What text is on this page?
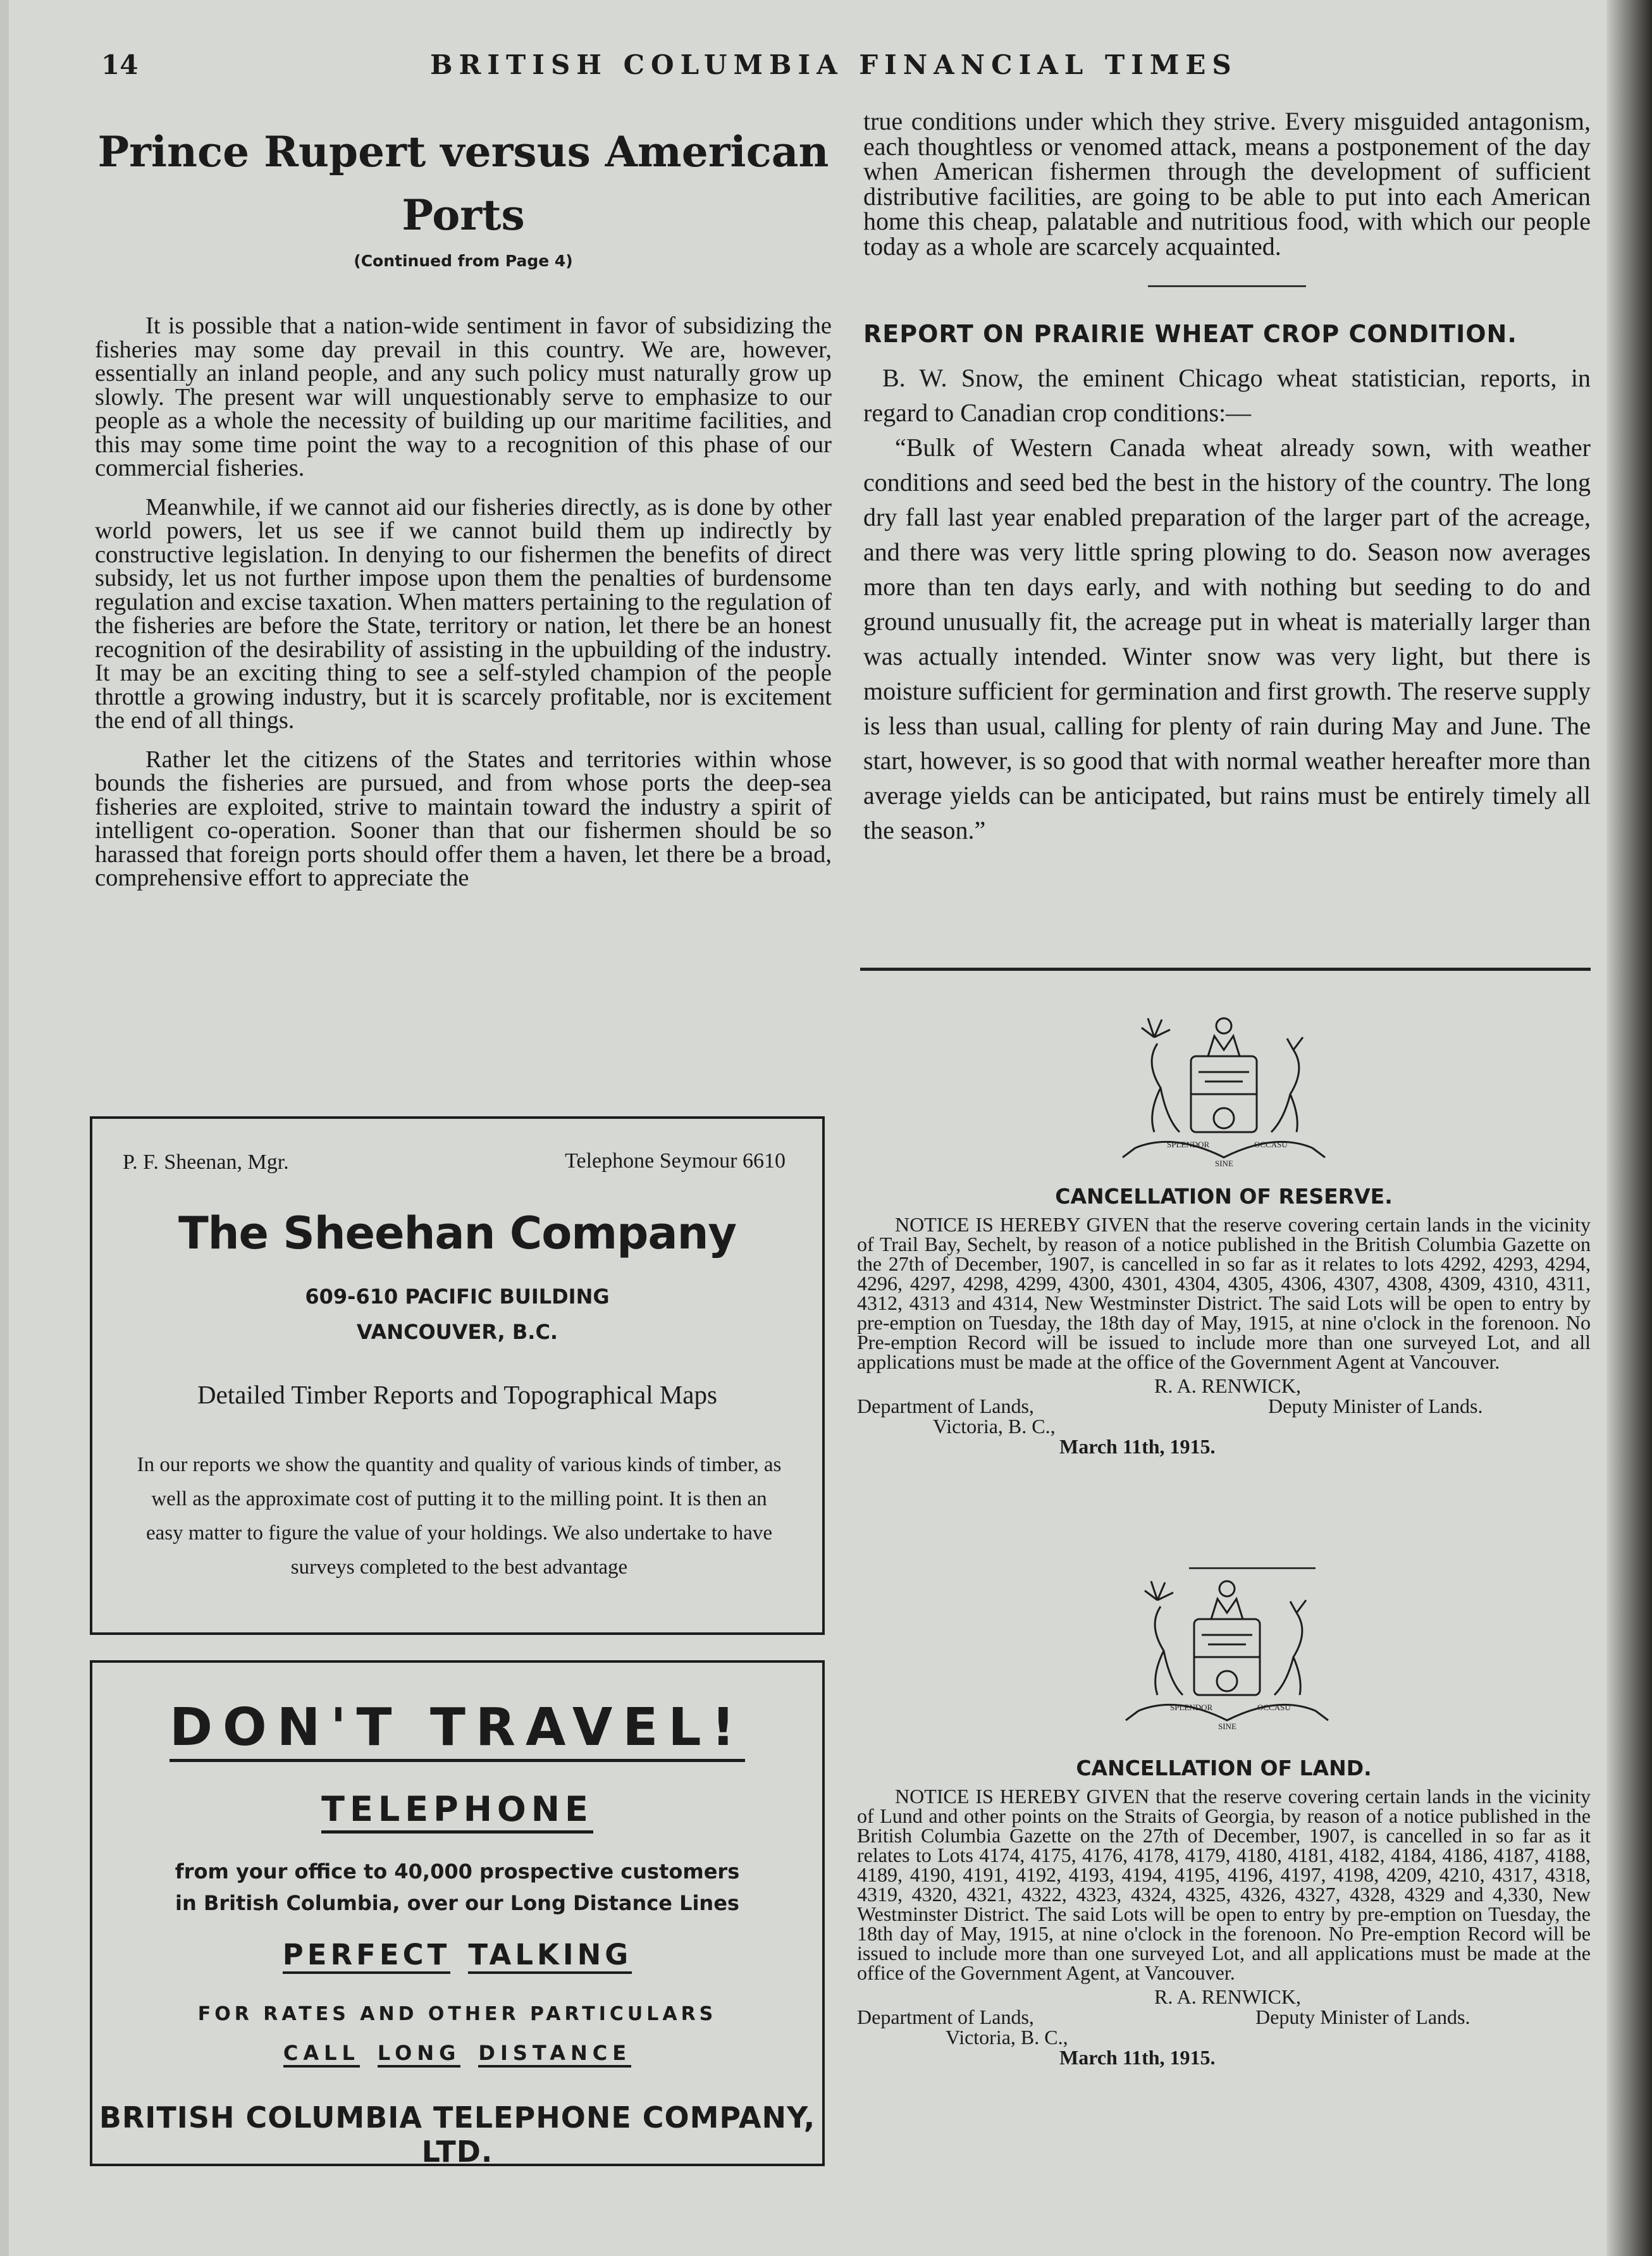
14	BRITISH COLUMBIA FINANCIAL TIMES
Prince Rupert versus American
Ports
(Continued from Page 4)

It is possible that a nation-wide sentiment in favor of subsidizing the fisheries may some day prevail in this country. We are, however, essentially an inland people, and any such policy must naturally grow up slowly. The present war will unquestionably serve to emphasize to our people as a whole the necessity of building up our maritime facilities, and this may some time point the way to a recognition of this phase of our commercial fisheries.

Meanwhile, if we cannot aid our fisheries directly, as is done by other world powers, let us see if we cannot build them up indirectly by constructive legislation. In denying to our fishermen the benefits of direct subsidy, let us not further impose upon them the penalties of burdensome regulation and excise taxation. When matters pertaining to the regulation of the fisheries are before the State, territory or nation, let there be an honest recognition of the desirability of assisting in the upbuilding of the industry. It may be an exciting thing to see a self-styled champion of the people throttle a growing industry, but it is scarcely profitable, nor is excitement the end of all things.

Rather let the citizens of the States and territories within whose bounds the fisheries are pursued, and from whose ports the deep-sea fisheries are exploited, strive to maintain toward the industry a spirit of intelligent co-operation. Sooner than that our fishermen should be so harassed that foreign ports should offer them a haven, let there be a broad, comprehensive effort to appreciate the

true conditions under which they strive. Every misguided antagonism, each thoughtless or venomed attack, means a postponement of the day when American fishermen through the development of sufficient distributive facilities, are going to be able to put into each American home this cheap, palatable and nutritious food, with which our people today as a whole are scarcely acquainted.

REPORT ON PRAIRIE WHEAT CROP CONDITION.

B. W. Snow, the eminent Chicago wheat statistician, reports, in regard to Canadian crop conditions:—

“Bulk of Western Canada wheat already sown, with weather conditions and seed bed the best in the history of the country. The long dry fall last year enabled preparation of the larger part of the acreage, and there was very little spring plowing to do. Season now averages more than ten days early, and with nothing but seeding to do and ground unusually fit, the acreage put in wheat is materially larger than was actually intended. Winter snow was very light, but there is moisture sufficient for germination and first growth. The reserve supply is less than usual, calling for plenty of rain during May and June. The start, however, is so good that with normal weather hereafter more than average yields can be anticipated, but rains must be entirely timely all the season.”

P. F. Sheenan, Mgr.	Telephone Seymour 6610
The Sheehan Company
609-610 PACIFIC BUILDING
VANCOUVER, B.C.
Detailed Timber Reports and Topographical Maps
In our reports we show the quantity and quality of various kinds of timber, as well as the approximate cost of putting it to the milling point. It is then an easy matter to figure the value of your holdings. We also undertake to have surveys completed to the best advantage
DON'T TRAVEL!
TELEPHONE
from your office to 40,000 prospective customers
in British Columbia, over our Long Distance Lines
PERFECT TALKING
FOR RATES AND OTHER PARTICULARS
CALL LONG DISTANCE
BRITISH COLUMBIA TELEPHONE COMPANY, LTD.
SPLENDOR	OCCASU
SINE
CANCELLATION OF RESERVE.

NOTICE IS HEREBY GIVEN that the reserve covering certain lands in the vicinity of Trail Bay, Sechelt, by reason of a notice published in the British Columbia Gazette on the 27th of December, 1907, is cancelled in so far as it relates to lots 4292, 4293, 4294, 4296, 4297, 4298, 4299, 4300, 4301, 4304, 4305, 4306, 4307, 4308, 4309, 4310, 4311, 4312, 4313 and 4314, New Westminster District. The said Lots will be open to entry by pre-emption on Tuesday, the 18th day of May, 1915, at nine o'clock in the forenoon. No Pre-emption Record will be issued to include more than one surveyed Lot, and all applications must be made at the office of the Government Agent at Vancouver.

R. A. RENWICK,
Department of Lands,	Deputy Minister of Lands.
Victoria, B. C.,
March 11th, 1915.
SPLENDOR	OCCASU
SINE
CANCELLATION OF LAND.

NOTICE IS HEREBY GIVEN that the reserve covering certain lands in the vicinity of Lund and other points on the Straits of Georgia, by reason of a notice published in the British Columbia Gazette on the 27th of December, 1907, is cancelled in so far as it relates to Lots 4174, 4175, 4176, 4178, 4179, 4180, 4181, 4182, 4184, 4186, 4187, 4188, 4189, 4190, 4191, 4192, 4193, 4194, 4195, 4196, 4197, 4198, 4209, 4210, 4317, 4318, 4319, 4320, 4321, 4322, 4323, 4324, 4325, 4326, 4327, 4328, 4329 and 4,330, New Westminster District. The said Lots will be open to entry by pre-emption on Tuesday, the 18th day of May, 1915, at nine o'clock in the forenoon. No Pre-emption Record will be issued to include more than one surveyed Lot, and all applications must be made at the office of the Government Agent, at Vancouver.

R. A. RENWICK,
Department of Lands,	Deputy Minister of Lands.
Victoria, B. C.,
March 11th, 1915.
